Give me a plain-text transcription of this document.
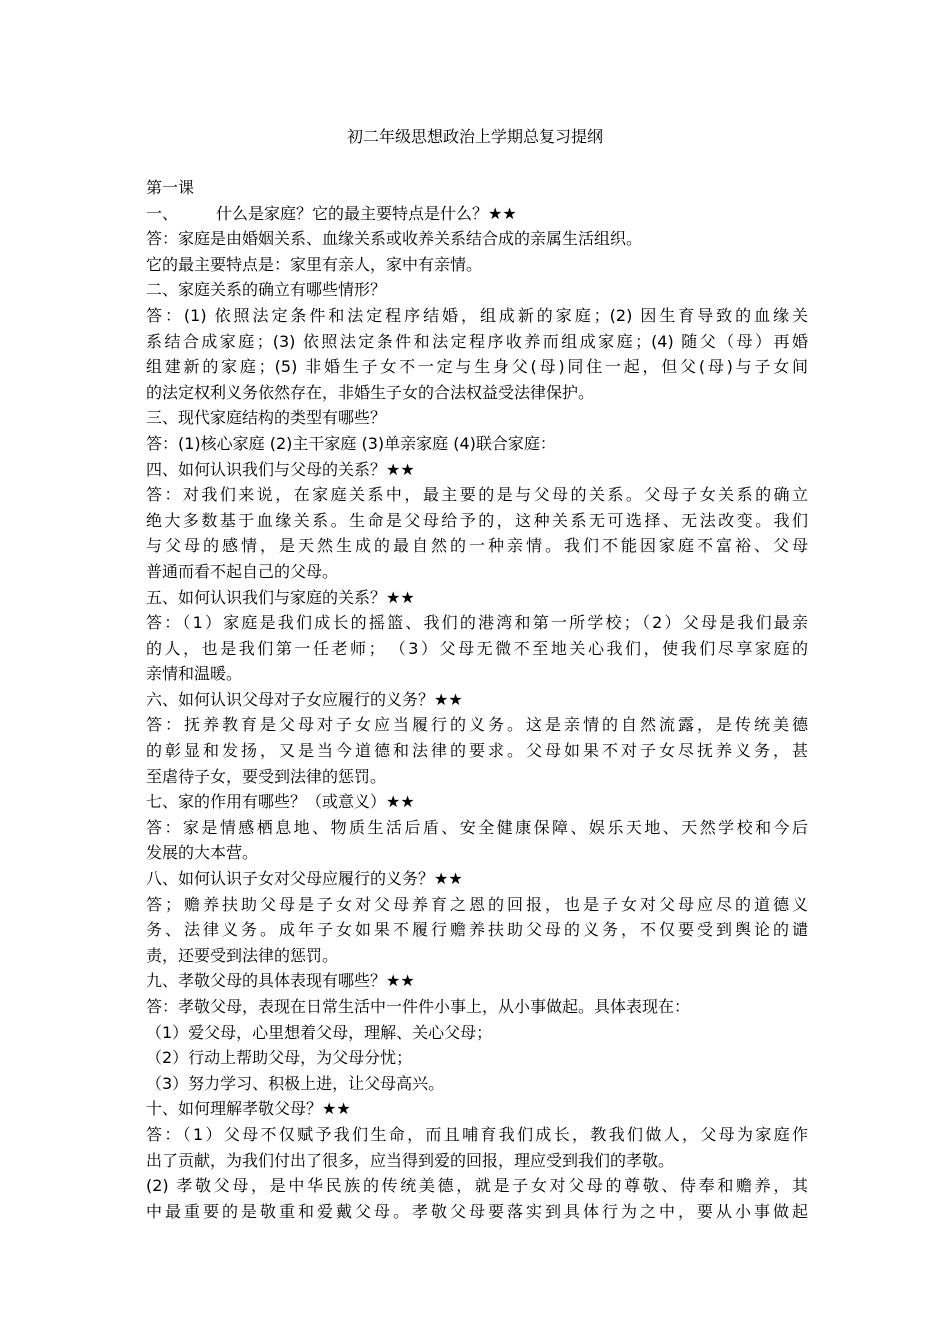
初二年级思想政治上学期总复习提纲
第一课
一、 什么是家庭？它的最主要特点是什么？★★
答：家庭是由婚姻关系、血缘关系或收养关系结合成的亲属生活组织。
它的最主要特点是：家里有亲人，家中有亲情。
二、家庭关系的确立有哪些情形？
答：(1) 依照法定条件和法定程序结婚，组成新的家庭；(2) 因生育导致的血缘关
系结合成家庭；(3) 依照法定条件和法定程序收养而组成家庭；(4) 随父（母）再婚
组建新的家庭；(5) 非婚生子女不一定与生身父(母)同住一起，但父(母)与子女间
的法定权利义务依然存在，非婚生子女的合法权益受法律保护。
三、现代家庭结构的类型有哪些？
答：(1)核心家庭 (2)主干家庭 (3)单亲家庭 (4)联合家庭：
四、如何认识我们与父母的关系？★★
答：对我们来说，在家庭关系中，最主要的是与父母的关系。父母子女关系的确立
绝大多数基于血缘关系。生命是父母给予的，这种关系无可选择、无法改变。我们
与父母的感情，是天然生成的最自然的一种亲情。我们不能因家庭不富裕、父母
普通而看不起自己的父母。
五、如何认识我们与家庭的关系？★★
答：（1）家庭是我们成长的摇篮、我们的港湾和第一所学校；（2）父母是我们最亲
的人，也是我们第一任老师；　（3）父母无微不至地关心我们，使我们尽享家庭的
亲情和温暖。
六、如何认识父母对子女应履行的义务？★★
答：抚养教育是父母对子女应当履行的义务。这是亲情的自然流露，是传统美德
的彰显和发扬，又是当今道德和法律的要求。父母如果不对子女尽抚养义务，甚
至虐待子女，要受到法律的惩罚。
七、家的作用有哪些？（或意义）★★
答：家是情感栖息地、物质生活后盾、安全健康保障、娱乐天地、天然学校和今后
发展的大本营。
八、如何认识子女对父母应履行的义务？★★
答；赡养扶助父母是子女对父母养育之恩的回报，也是子女对父母应尽的道德义
务、法律义务。成年子女如果不履行赡养扶助父母的义务，不仅要受到舆论的谴
责，还要受到法律的惩罚。
九、孝敬父母的具体表现有哪些？★★
答：孝敬父母，表现在日常生活中一件件小事上，从小事做起。具体表现在：
（1）爱父母，心里想着父母，理解、关心父母；
（2）行动上帮助父母，为父母分忧；
（3）努力学习、积极上进，让父母高兴。
十、如何理解孝敬父母？★★
答：（1）父母不仅赋予我们生命，而且哺育我们成长，教我们做人，父母为家庭作
出了贡献，为我们付出了很多，应当得到爱的回报，理应受到我们的孝敬。
(2) 孝敬父母，是中华民族的传统美德，就是子女对父母的尊敬、侍奉和赡养，其
中最重要的是敬重和爱戴父母。孝敬父母要落实到具体行为之中，要从小事做起
